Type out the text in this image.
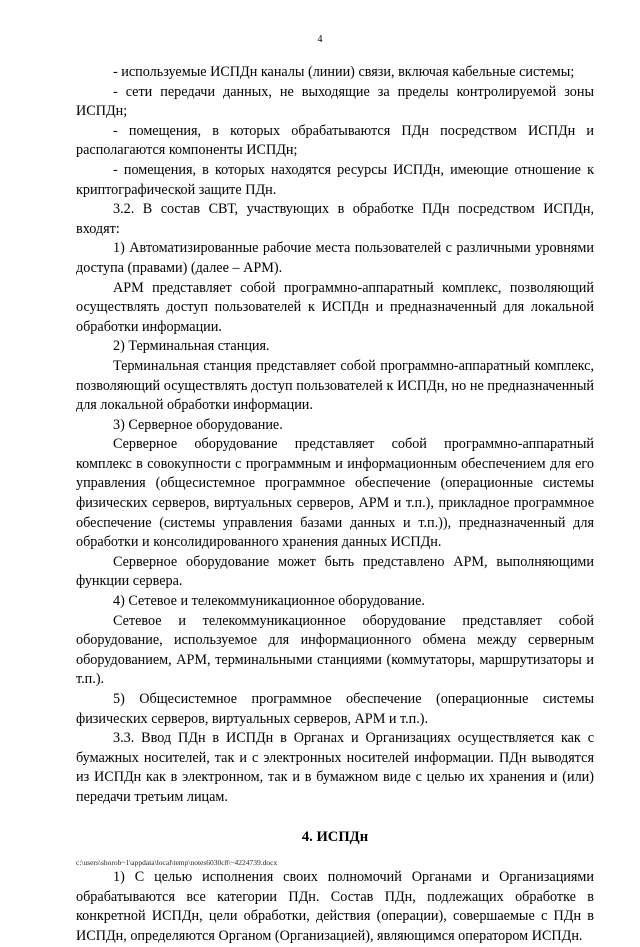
4

- используемые ИСПДн каналы (линии) связи, включая кабельные системы;

- сети передачи данных, не выходящие за пределы контролируемой зоны ИСПДн;

- помещения, в которых обрабатываются ПДн посредством ИСПДн и располагаются компоненты ИСПДн;

- помещения, в которых находятся ресурсы ИСПДн, имеющие отношение к криптографической защите ПДн.

3.2. В состав СВТ, участвующих в обработке ПДн посредством ИСПДн, входят:

1) Автоматизированные рабочие места пользователей с различными уровнями доступа (правами) (далее – АРМ).

АРМ представляет собой программно-аппаратный комплекс, позволяющий осуществлять доступ пользователей к ИСПДн и предназначенный для локальной обработки информации.

2) Терминальная станция.

Терминальная станция представляет собой программно-аппаратный комплекс, позволяющий осуществлять доступ пользователей к ИСПДн, но не предназначенный для локальной обработки информации.

3) Серверное оборудование.

Серверное оборудование представляет собой программно-аппаратный комплекс в совокупности с программным и информационным обеспечением для его управления (общесистемное программное обеспечение (операционные системы физических серверов, виртуальных серверов, АРМ и т.п.), прикладное программное обеспечение (системы управления базами данных и т.п.)), предназначенный для обработки и консолидированного хранения данных ИСПДн.

Серверное оборудование может быть представлено АРМ, выполняющими функции сервера.

4) Сетевое и телекоммуникационное оборудование.

Сетевое и телекоммуникационное оборудование представляет собой оборудование, используемое для информационного обмена между серверным оборудованием, АРМ, терминальными станциями (коммутаторы, маршрутизаторы и т.п.).

5) Общесистемное программное обеспечение (операционные системы физических серверов, виртуальных серверов, АРМ и т.п.).

3.3. Ввод ПДн в ИСПДн в Органах и Организациях осуществляется как с бумажных носителей, так и с электронных носителей информации. ПДн выводятся из ИСПДн как в электронном, так и в бумажном виде с целью их хранения и (или) передачи третьим лицам.

4. ИСПДн

1) С целью исполнения своих полномочий Органами и Организациями обрабатываются все категории ПДн. Состав ПДн, подлежащих обработке в конкретной ИСПДн, цели обработки, действия (операции), совершаемые с ПДн в ИСПДн, определяются Органом (Организацией), являющимся оператором ИСПДн.

c:\users\shorob~1\appdata\local\temp\notes6030c8\~4224739.docx
